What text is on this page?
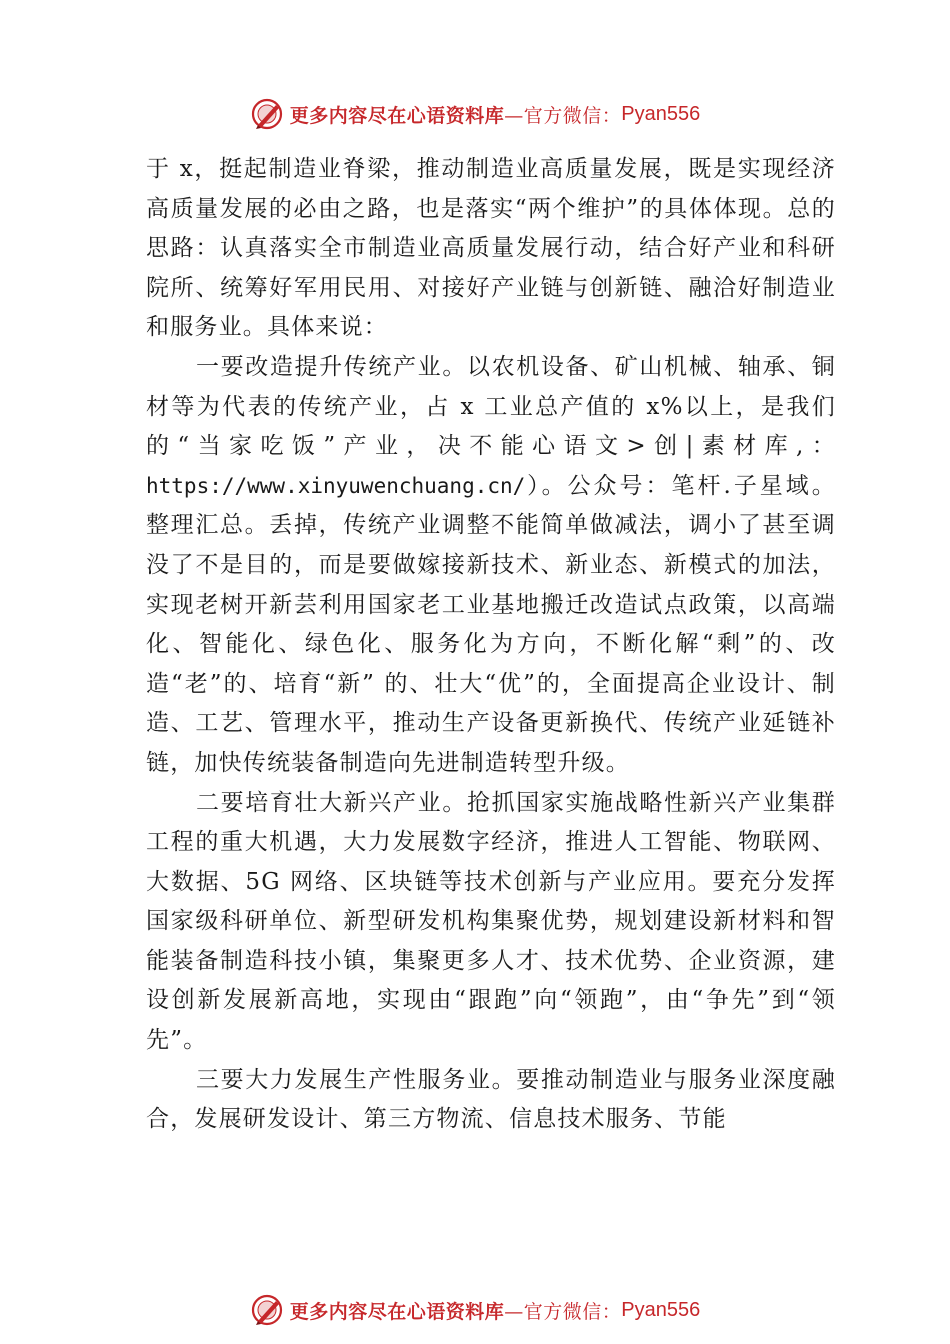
更多内容尽在心语资料库 —官方微信： Pyan556

于 x，挺起制造业脊梁，推动制造业高质量发展，既是实现经济高质量发展的必由之路，也是落实“两个维护”的具体体现。总的思路：认真落实全市制造业高质量发展行动，结合好产业和科研院所、统筹好军用民用、对接好产业链与创新链、融洽好制造业和服务业。具体来说：

一要改造提升传统产业。以农机设备、矿山机械、轴承、铜材等为代表的传统产业，占 x 工业总产值的 x%以上，是我们的“当家吃饭”产业，决不能心语文>创|素材库,：https://www.xinyuwenchuang.cn/）。公众号：笔杆.子星域。整理汇总。丢掉，传统产业调整不能简单做减法，调小了甚至调没了不是目的，而是要做嫁接新技术、新业态、新模式的加法，实现老树开新芸利用国家老工业基地搬迁改造试点政策，以高端化、智能化、绿色化、服务化为方向，不断化解“剩”的、改造“老”的、培育“新” 的、壮大“优”的，全面提高企业设计、制造、工艺、管理水平，推动生产设备更新换代、传统产业延链补链，加快传统装备制造向先进制造转型升级。

二要培育壮大新兴产业。抢抓国家实施战略性新兴产业集群工程的重大机遇，大力发展数字经济，推进人工智能、物联网、大数据、5G 网络、区块链等技术创新与产业应用。要充分发挥国家级科研单位、新型研发机构集聚优势，规划建设新材料和智能装备制造科技小镇，集聚更多人才、技术优势、企业资源，建设创新发展新高地，实现由“跟跑”向“领跑”，由“争先”到“领先”。

三要大力发展生产性服务业。要推动制造业与服务业深度融合，发展研发设计、第三方物流、信息技术服务、节能

更多内容尽在心语资料库 —官方微信： Pyan556
